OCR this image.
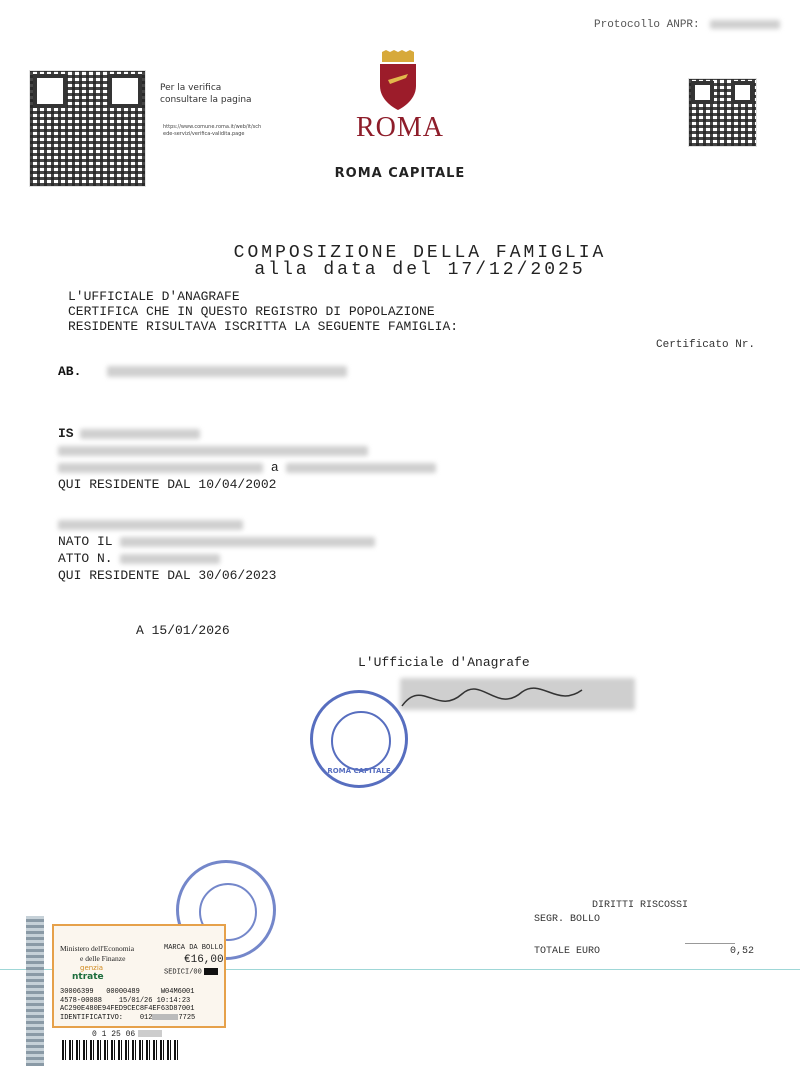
Protocollo ANPR:
Per la verifica
consultare la pagina
https://www.comune.roma.it/web/it/schede-servizi/verifica-validita.page	ROMA
ROMA CAPITALE
COMPOSIZIONE DELLA FAMIGLIA
alla data del 17/12/2025
L'UFFICIALE D'ANAGRAFE
CERTIFICA CHE IN QUESTO REGISTRO DI POPOLAZIONE
RESIDENTE RISULTAVA ISCRITTA LA SEGUENTE FAMIGLIA:
Certificato Nr.
AB.
IS
a
QUI RESIDENTE DAL 10/04/2002
NATO IL
ATTO N.
QUI RESIDENTE DAL 30/06/2023
A 15/01/2026
L'Ufficiale d'Anagrafe
ROMA CAPITALE
DIRITTI RISCOSSI
SEGR. BOLLO
TOTALE EURO	0,52
Ministero dell'Economia
e delle Finanze
MARCA DA BOLLO
€16,00
SEDICI/00
genzia
ntrate
30006399 00000489	W04M6001
4578-00088 15/01/26 10:14:23
AC290E480E94FED9CEC8F4EF63D87001
IDENTIFICATIVO: 012	7725
0 1 25 06
